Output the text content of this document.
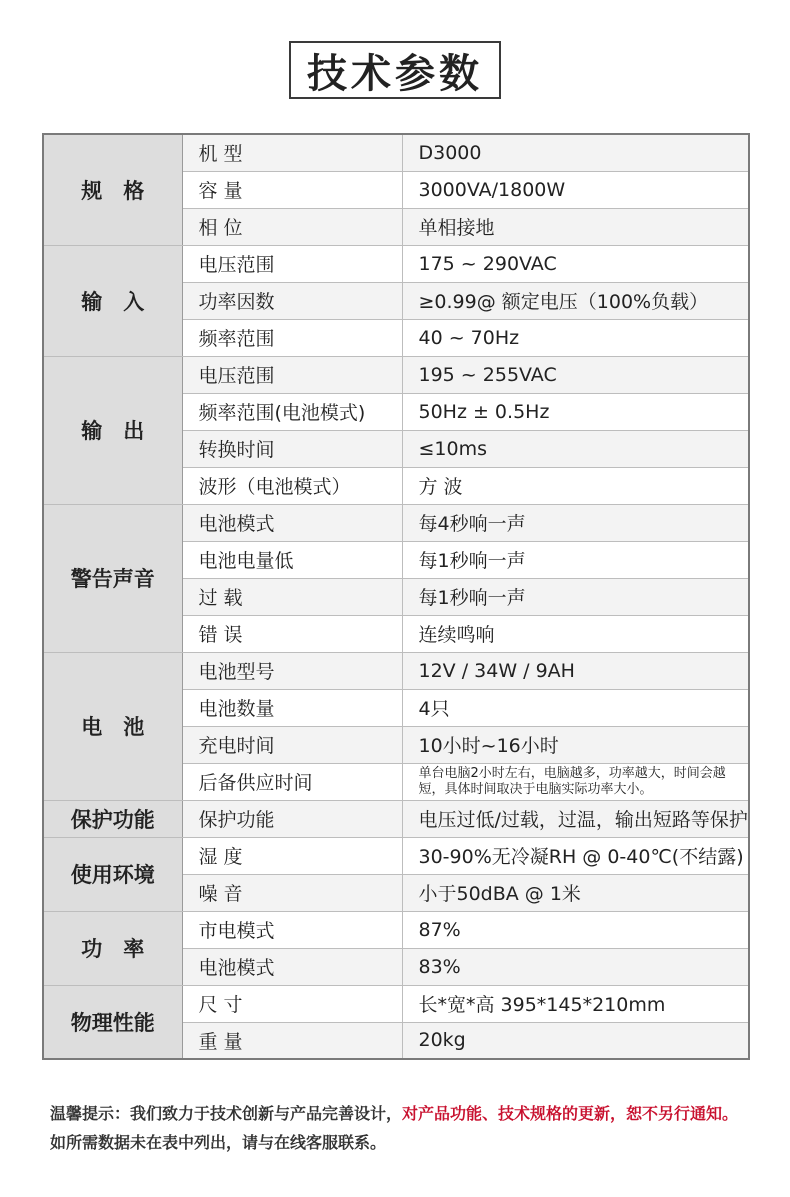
技术参数
规　格	机 型	D3000
	容 量	3000VA/1800W
	相 位	单相接地
输　入	电压范围	175 ~ 290VAC
	功率因数	≥0.99@ 额定电压（100%负载）
	频率范围	40 ~ 70Hz
输　出	电压范围	195 ~ 255VAC
	频率范围(电池模式)	50Hz ± 0.5Hz
	转换时间	≤10ms
	波形（电池模式）	方 波
警告声音	电池模式	每4秒响一声
	电池电量低	每1秒响一声
	过 载	每1秒响一声
	错 误	连续鸣响
电　池	电池型号	12V / 34W / 9AH
	电池数量	4只
	充电时间	10小时~16小时
	后备供应时间	单台电脑2小时左右，电脑越多，功率越大，时间会越短，具体时间取决于电脑实际功率大小。
保护功能	保护功能	电压过低/过载，过温，输出短路等保护
使用环境	湿 度	30-90%无冷凝RH @ 0-40℃(不结露)
	噪 音	小于50dBA @ 1米
功　率	市电模式	87%
	电池模式	83%
物理性能	尺 寸	长*宽*高 395*145*210mm
	重 量	20kg
温馨提示：我们致力于技术创新与产品完善设计，对产品功能、技术规格的更新，恕不另行通知。如所需数据未在表中列出，请与在线客服联系。
